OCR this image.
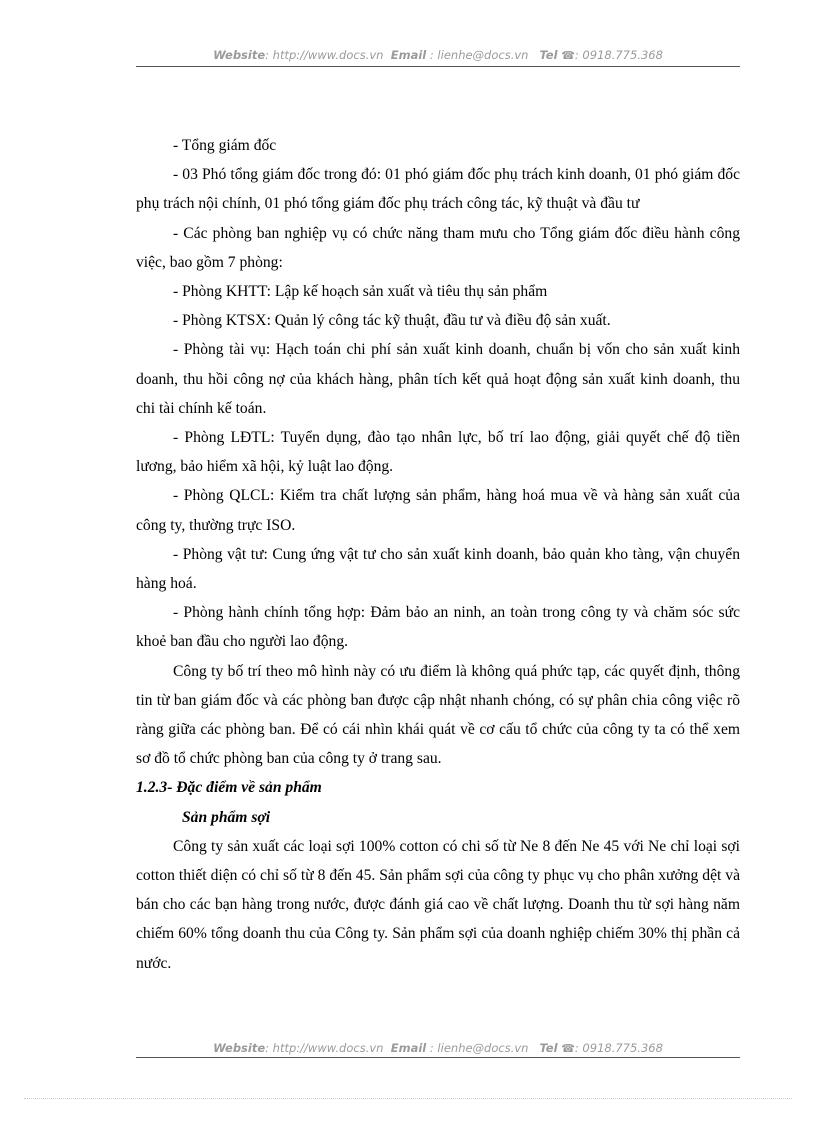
Website: http://www.docs.vn Email : lienhe@docs.vn Tel ☎: 0918.775.368

- Tổng giám đốc

- 03 Phó tổng giám đốc trong đó: 01 phó giám đốc phụ trách kinh doanh, 01 phó giám đốc phụ trách nội chính, 01 phó tổng giám đốc phụ trách công tác, kỹ thuật và đầu tư

- Các phòng ban nghiệp vụ có chức năng tham mưu cho Tổng giám đốc điều hành công việc, bao gồm 7 phòng:

- Phòng KHTT: Lập kế hoạch sản xuất và tiêu thụ sản phẩm

- Phòng KTSX: Quản lý công tác kỹ thuật, đầu tư và điều độ sản xuất.

- Phòng tài vụ: Hạch toán chi phí sản xuất kinh doanh, chuẩn bị vốn cho sản xuất kinh doanh, thu hồi công nợ của khách hàng, phân tích kết quả hoạt động sản xuất kinh doanh, thu chi tài chính kế toán.

- Phòng LĐTL: Tuyển dụng, đào tạo nhân lực, bố trí lao động, giải quyết chế độ tiền lương, bảo hiểm xã hội, kỷ luật lao động.

- Phòng QLCL: Kiểm tra chất lượng sản phẩm, hàng hoá mua về và hàng sản xuất của công ty, thường trực ISO.

- Phòng vật tư: Cung ứng vật tư cho sản xuất kinh doanh, bảo quản kho tàng, vận chuyển hàng hoá.

- Phòng hành chính tổng hợp: Đảm bảo an ninh, an toàn trong công ty và chăm sóc sức khoẻ ban đầu cho người lao động.

Công ty bố trí theo mô hình này có ưu điểm là không quá phức tạp, các quyết định, thông tin từ ban giám đốc và các phòng ban được cập nhật nhanh chóng, có sự phân chia công việc rõ ràng giữa các phòng ban. Để có cái nhìn khái quát về cơ cấu tổ chức của công ty ta có thể xem sơ đồ tổ chức phòng ban của công ty ở trang sau.

1.2.3- Đặc điểm về sản phẩm

Sản phẩm sợi

Công ty sản xuất các loại sợi 100% cotton có chi số từ Ne 8 đến Ne 45 với Ne chỉ loại sợi cotton thiết diện có chỉ số từ 8 đến 45. Sản phẩm sợi của công ty phục vụ cho phân xưởng dệt và bán cho các bạn hàng trong nước, được đánh giá cao về chất lượng. Doanh thu từ sợi hàng năm chiếm 60% tổng doanh thu của Công ty. Sản phẩm sợi của doanh nghiệp chiếm 30% thị phần cả nước.

Website: http://www.docs.vn Email : lienhe@docs.vn Tel ☎: 0918.775.368
